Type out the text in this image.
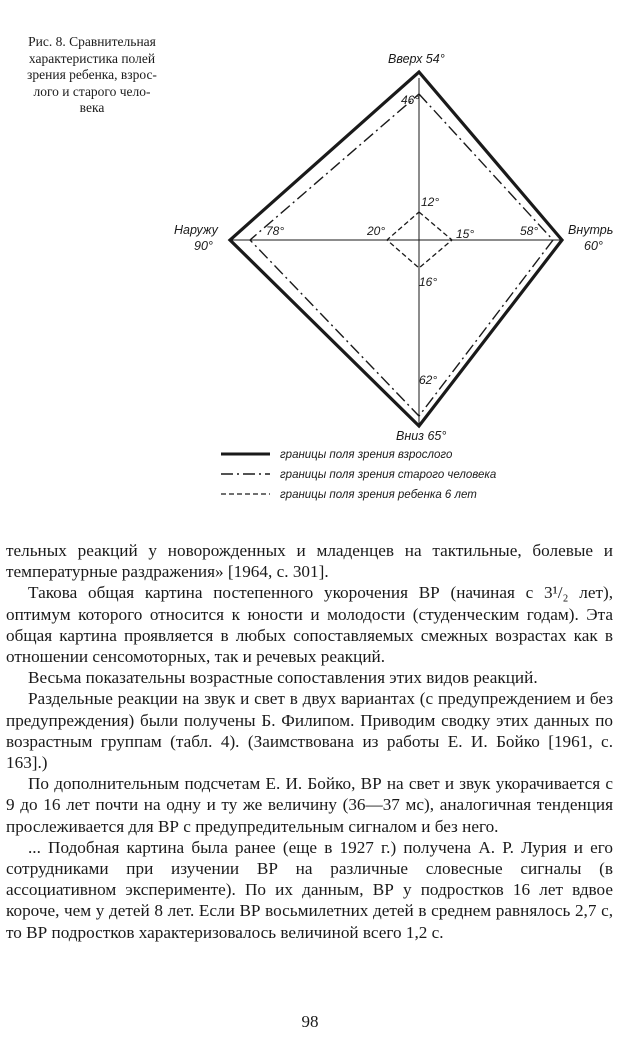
Рис. 8. Сравнительная
характеристика полей
зрения ребенка, взрос-
лого и старого чело-
века
Вверх 54°
Наружу
90°
Внутрь
60°
Вниз 65°
46°
78°	58°
62°
12°
20°	15°
16°
границы поля зрения взрослого
границы поля зрения старого человека
границы поля зрения ребенка 6 лет

тельных реакций у новорожденных и младенцев на тактильные, болевые и температурные раздражения» [1964, с. 301].

Такова общая картина постепенного укорочения ВР (начиная с 3¹/₂ лет), оптимум которого относится к юности и молодости (студенческим годам). Эта общая картина проявляется в любых сопоставляемых смежных возрастах как в отношении сенсомоторных, так и речевых реакций.

Весьма показательны возрастные сопоставления этих видов реакций.

Раздельные реакции на звук и свет в двух вариантах (с предупреждением и без предупреждения) были получены Б. Филипом. Приводим сводку этих данных по возрастным группам (табл. 4). (Заимствована из работы Е. И. Бойко [1961, с. 163].)

По дополнительным подсчетам Е. И. Бойко, ВР на свет и звук укорачивается с 9 до 16 лет почти на одну и ту же величину (36—37 мс), аналогичная тенденция прослеживается для ВР с предупредительным сигналом и без него.

... Подобная картина была ранее (еще в 1927 г.) получена А. Р. Лурия и его сотрудниками при изучении ВР на различные словесные сигналы (в ассоциативном эксперименте). По их данным, ВР у подростков 16 лет вдвое короче, чем у детей 8 лет. Если ВР восьмилетних детей в среднем равнялось 2,7 с, то ВР подростков характеризовалось величиной всего 1,2 с.

98
